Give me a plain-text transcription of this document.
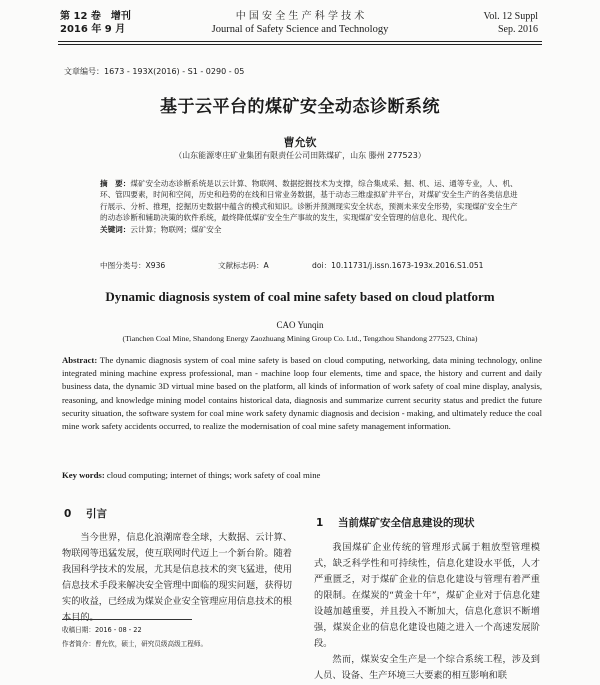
第 12 卷　增刊
2016 年 9 月
中 国 安 全 生 产 科 学 技 术
Journal of Safety Science and Technology
Vol. 12 Suppl
Sep. 2016
文章编号：1673 - 193X(2016) - S1 - 0290 - 05
基于云平台的煤矿安全动态诊断系统
曹允钦
（山东能源枣庄矿业集团有限责任公司田陈煤矿，山东 滕州 277523）
摘　要：煤矿安全动态诊断系统是以云计算、物联网、数据挖掘技术为支撑，综合集成采、掘、机、运、通等专业，人、机、环、管四要素，时间和空间，历史和趋势的在线和日常业务数据，基于动态三维虚拟矿井平台，对煤矿安全生产的各类信息进行展示、分析、推理，挖掘历史数据中蕴含的模式和知识。诊断并预测现实安全状态，预测未来安全形势，实现煤矿安全生产的动态诊断和辅助决策的软件系统，最终降低煤矿安全生产事故的发生，实现煤矿安全管理的信息化、现代化。
关键词：云计算；物联网；煤矿安全
中图分类号：X936	文献标志码：A	doi：10.11731/j.issn.1673-193x.2016.S1.051
Dynamic diagnosis system of coal mine safety based on cloud platform
CAO Yunqin
(Tianchen Coal Mine, Shandong Energy Zaozhuang Mining Group Co. Ltd., Tengzhou Shandong 277523, China)
Abstract: The dynamic diagnosis system of coal mine safety is based on cloud computing, networking, data mining technology, online integrated mining machine express professional, man - machine loop four elements, time and space, the history and current and daily business data, the dynamic 3D virtual mine based on the platform, all kinds of information of work safety of coal mine display, analysis, reasoning, and knowledge mining model contains historical data, diagnosis and summarize current security status and predict the future security situation, the software system for coal mine work safety dynamic diagnosis and decision - making, and ultimately reduce the coal mine work safety accidents occurred, to realize the modernisation of coal mine safety management information.
Key words: cloud computing; internet of things; work safety of coal mine
0 引言

当今世界，信息化浪潮席卷全球，大数据、云计算、物联网等迅猛发展，使互联网时代迈上一个新台阶。随着我国科学技术的发展，尤其是信息技术的突飞猛进，使用信息技术手段来解决安全管理中面临的现实问题，获得切实的收益，已经成为煤炭企业安全管理应用信息技术的根本目的。

收稿日期：2016 - 08 - 22
作者简介：曹允钦，硕士，研究员级高级工程师。
1 当前煤矿安全信息建设的现状

我国煤矿企业传统的管理形式属于粗放型管理模式，缺乏科学性和可持续性，信息化建设水平低，人才严重匮乏，对于煤矿企业的信息化建设与管理有着严重的限制。在煤炭的“黄金十年”，煤矿企业对于信息化建设越加越重要，并且投入不断加大，信息化意识不断增强，煤炭企业的信息化建设也随之进入一个高速发展阶段。

然而，煤炭安全生产是一个综合系统工程，涉及到人员、设备、生产环境三大要素的相互影响和联
